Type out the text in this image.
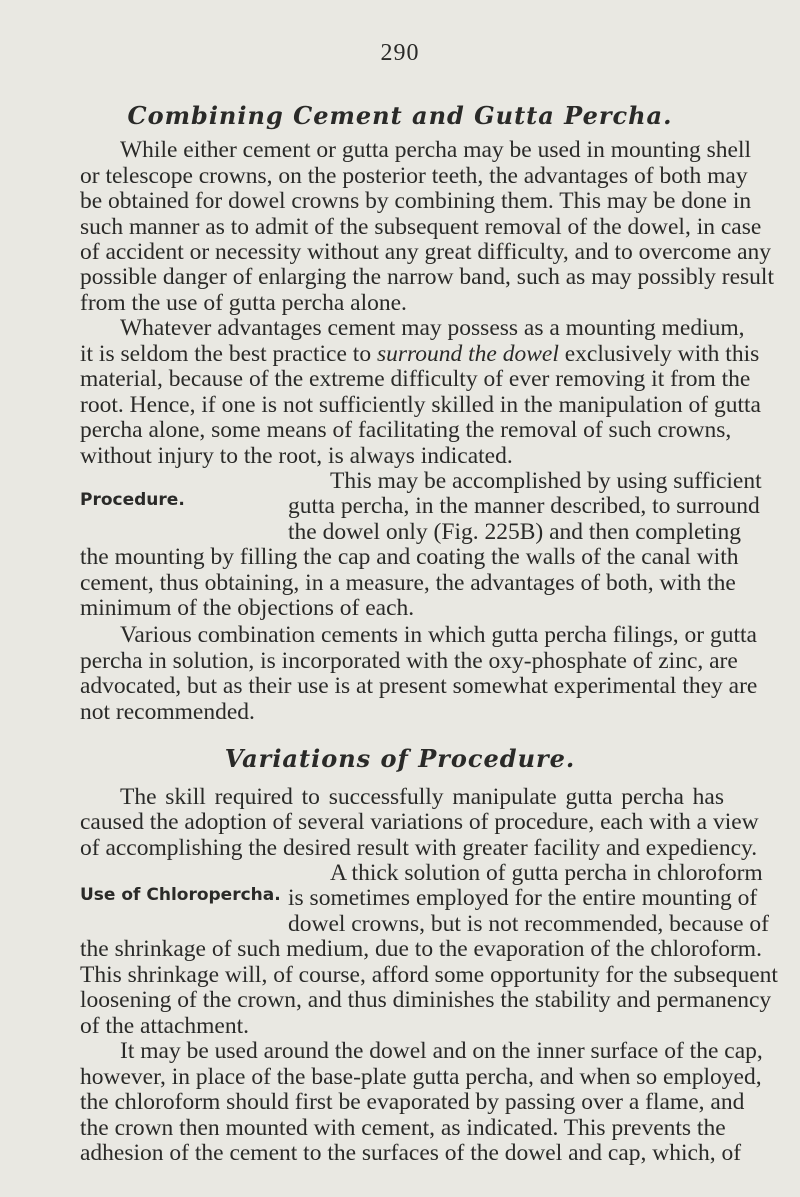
290
Combining Cement and Gutta Percha.
While either cement or gutta percha may be used in mounting shell
or telescope crowns, on the posterior teeth, the advantages of both may
be obtained for dowel crowns by combining them. This may be done in
such manner as to admit of the subsequent removal of the dowel, in case
of accident or necessity without any great difficulty, and to overcome any
possible danger of enlarging the narrow band, such as may possibly result
from the use of gutta percha alone.
Whatever advantages cement may possess as a mounting medium,
it is seldom the best practice to surround the dowel exclusively with this
material, because of the extreme difficulty of ever removing it from the
root. Hence, if one is not sufficiently skilled in the manipulation of gutta
percha alone, some means of facilitating the removal of such crowns,
without injury to the root, is always indicated.
Procedure.
This may be accomplished by using sufficient
gutta percha, in the manner described, to surround
the dowel only (Fig. 225B) and then completing
the mounting by filling the cap and coating the walls of the canal with
cement, thus obtaining, in a measure, the advantages of both, with the
minimum of the objections of each.
Various combination cements in which gutta percha filings, or gutta
percha in solution, is incorporated with the oxy-phosphate of zinc, are
advocated, but as their use is at present somewhat experimental they are
not recommended.
Variations of Procedure.
The skill required to successfully manipulate gutta percha has
caused the adoption of several variations of procedure, each with a view
of accomplishing the desired result with greater facility and expediency.
Use of Chloropercha.
A thick solution of gutta percha in chloroform
is sometimes employed for the entire mounting of
dowel crowns, but is not recommended, because of
the shrinkage of such medium, due to the evaporation of the chloroform.
This shrinkage will, of course, afford some opportunity for the subsequent
loosening of the crown, and thus diminishes the stability and permanency
of the attachment.
It may be used around the dowel and on the inner surface of the cap,
however, in place of the base-plate gutta percha, and when so employed,
the chloroform should first be evaporated by passing over a flame, and
the crown then mounted with cement, as indicated. This prevents the
adhesion of the cement to the surfaces of the dowel and cap, which, of
